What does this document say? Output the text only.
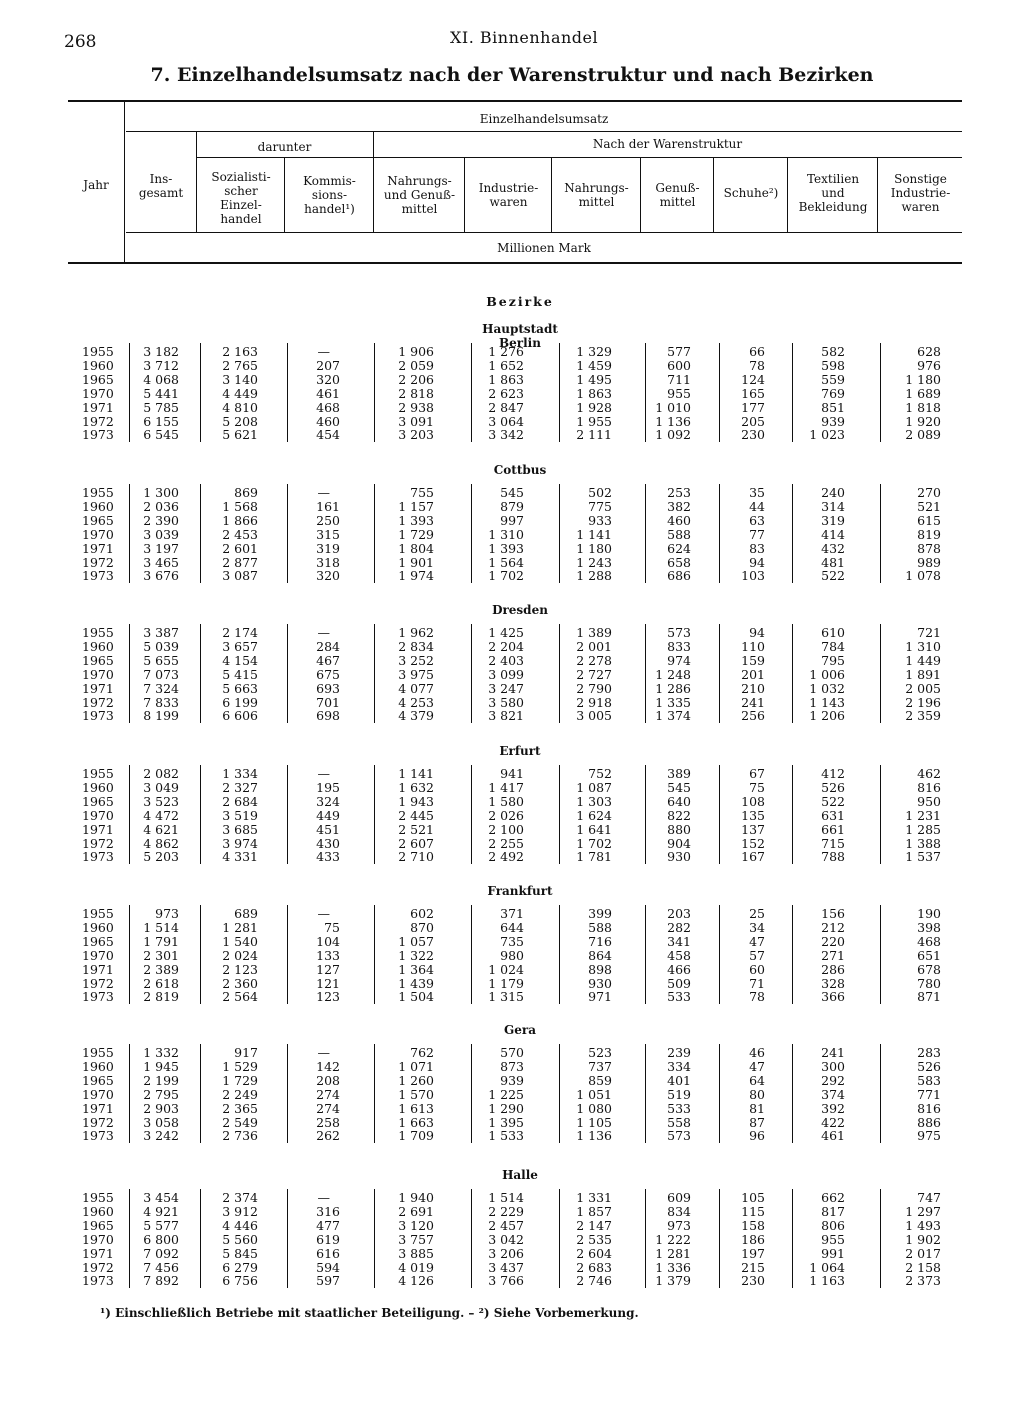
268	XI. Binnenhandel
7. Einzelhandelsumsatz nach der Warenstruktur und nach Bezirken
Jahr
Einzelhandelsumsatz
darunter	Nach der Warenstruktur
Millionen Mark
Ins-
gesamt
Sozialisti-
scher
Einzel-
handel
Kommis-
sions-
handel¹)
Nahrungs-
und Genuß-
mittel
Industrie-
waren
Nahrungs-
mittel
Genuß-
mittel
Schuhe²)
Textilien
und
Bekleidung
Sonstige
Industrie-
waren
Bezirke
Hauptstadt Berlin
1955	3 182	2 163	—	1 906	1 276	1 329	577	66	582	628
1960	3 712	2 765	207	2 059	1 652	1 459	600	78	598	976
1965	4 068	3 140	320	2 206	1 863	1 495	711	124	559	1 180
1970	5 441	4 449	461	2 818	2 623	1 863	955	165	769	1 689
1971	5 785	4 810	468	2 938	2 847	1 928	1 010	177	851	1 818
1972	6 155	5 208	460	3 091	3 064	1 955	1 136	205	939	1 920
1973	6 545	5 621	454	3 203	3 342	2 111	1 092	230	1 023	2 089
Cottbus
1955	1 300	869	—	755	545	502	253	35	240	270
1960	2 036	1 568	161	1 157	879	775	382	44	314	521
1965	2 390	1 866	250	1 393	997	933	460	63	319	615
1970	3 039	2 453	315	1 729	1 310	1 141	588	77	414	819
1971	3 197	2 601	319	1 804	1 393	1 180	624	83	432	878
1972	3 465	2 877	318	1 901	1 564	1 243	658	94	481	989
1973	3 676	3 087	320	1 974	1 702	1 288	686	103	522	1 078
Dresden
1955	3 387	2 174	—	1 962	1 425	1 389	573	94	610	721
1960	5 039	3 657	284	2 834	2 204	2 001	833	110	784	1 310
1965	5 655	4 154	467	3 252	2 403	2 278	974	159	795	1 449
1970	7 073	5 415	675	3 975	3 099	2 727	1 248	201	1 006	1 891
1971	7 324	5 663	693	4 077	3 247	2 790	1 286	210	1 032	2 005
1972	7 833	6 199	701	4 253	3 580	2 918	1 335	241	1 143	2 196
1973	8 199	6 606	698	4 379	3 821	3 005	1 374	256	1 206	2 359
Erfurt
1955	2 082	1 334	—	1 141	941	752	389	67	412	462
1960	3 049	2 327	195	1 632	1 417	1 087	545	75	526	816
1965	3 523	2 684	324	1 943	1 580	1 303	640	108	522	950
1970	4 472	3 519	449	2 445	2 026	1 624	822	135	631	1 231
1971	4 621	3 685	451	2 521	2 100	1 641	880	137	661	1 285
1972	4 862	3 974	430	2 607	2 255	1 702	904	152	715	1 388
1973	5 203	4 331	433	2 710	2 492	1 781	930	167	788	1 537
Frankfurt
1955	973	689	—	602	371	399	203	25	156	190
1960	1 514	1 281	75	870	644	588	282	34	212	398
1965	1 791	1 540	104	1 057	735	716	341	47	220	468
1970	2 301	2 024	133	1 322	980	864	458	57	271	651
1971	2 389	2 123	127	1 364	1 024	898	466	60	286	678
1972	2 618	2 360	121	1 439	1 179	930	509	71	328	780
1973	2 819	2 564	123	1 504	1 315	971	533	78	366	871
Gera
1955	1 332	917	—	762	570	523	239	46	241	283
1960	1 945	1 529	142	1 071	873	737	334	47	300	526
1965	2 199	1 729	208	1 260	939	859	401	64	292	583
1970	2 795	2 249	274	1 570	1 225	1 051	519	80	374	771
1971	2 903	2 365	274	1 613	1 290	1 080	533	81	392	816
1972	3 058	2 549	258	1 663	1 395	1 105	558	87	422	886
1973	3 242	2 736	262	1 709	1 533	1 136	573	96	461	975
Halle
1955	3 454	2 374	—	1 940	1 514	1 331	609	105	662	747
1960	4 921	3 912	316	2 691	2 229	1 857	834	115	817	1 297
1965	5 577	4 446	477	3 120	2 457	2 147	973	158	806	1 493
1970	6 800	5 560	619	3 757	3 042	2 535	1 222	186	955	1 902
1971	7 092	5 845	616	3 885	3 206	2 604	1 281	197	991	2 017
1972	7 456	6 279	594	4 019	3 437	2 683	1 336	215	1 064	2 158
1973	7 892	6 756	597	4 126	3 766	2 746	1 379	230	1 163	2 373
¹) Einschließlich Betriebe mit staatlicher Beteiligung. – ²) Siehe Vorbemerkung.
